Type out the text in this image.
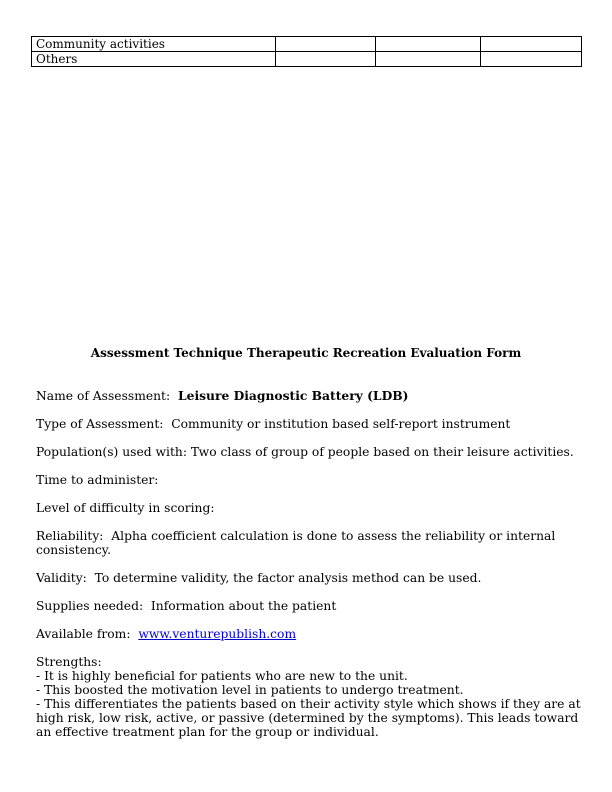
Community activities			
Others			
Assessment Technique Therapeutic Recreation Evaluation Form
Name of Assessment: Leisure Diagnostic Battery (LDB)
Type of Assessment: Community or institution based self-report instrument
Population(s) used with: Two class of group of people based on their leisure activities.
Time to administer:
Level of difficulty in scoring:
Reliability: Alpha coefficient calculation is done to assess the reliability or internal consistency.
Validity: To determine validity, the factor analysis method can be used.
Supplies needed: Information about the patient
Available from: www.venturepublish.com
Strengths:
- It is highly beneficial for patients who are new to the unit.
- This boosted the motivation level in patients to undergo treatment.
- This differentiates the patients based on their activity style which shows if they are at high risk, low risk, active, or passive (determined by the symptoms). This leads toward an effective treatment plan for the group or individual.
